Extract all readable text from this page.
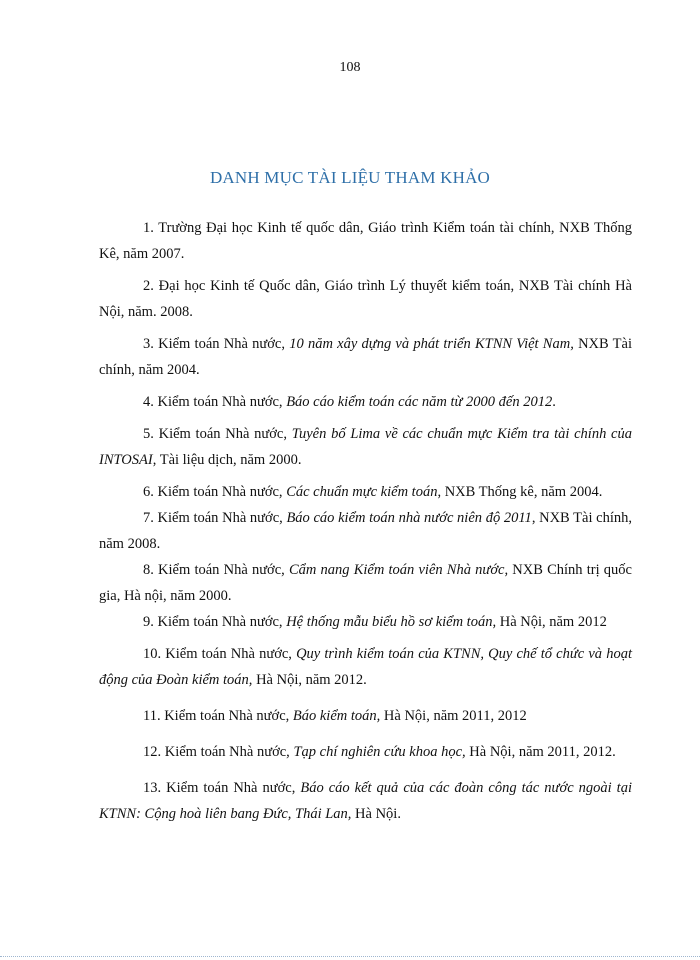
108
DANH MỤC TÀI LIỆU THAM KHẢO

1. Trường Đại học Kinh tế quốc dân, Giáo trình Kiểm toán tài chính, NXB Thống Kê, năm 2007.

2. Đại học Kinh tế Quốc dân, Giáo trình Lý thuyết kiểm toán, NXB Tài chính Hà Nội, năm. 2008.

3. Kiểm toán Nhà nước, 10 năm xây dựng và phát triển KTNN Việt Nam, NXB Tài chính, năm 2004.

4. Kiểm toán Nhà nước, Báo cáo kiểm toán các năm từ 2000 đến 2012.

5. Kiểm toán Nhà nước, Tuyên bố Lima về các chuẩn mực Kiểm tra tài chính của INTOSAI, Tài liệu dịch, năm 2000.

6. Kiểm toán Nhà nước, Các chuẩn mực kiểm toán, NXB Thống kê, năm 2004.

7. Kiểm toán Nhà nước, Báo cáo kiểm toán nhà nước niên độ 2011, NXB Tài chính, năm 2008.

8. Kiểm toán Nhà nước, Cẩm nang Kiểm toán viên Nhà nước, NXB Chính trị quốc gia, Hà nội, năm 2000.

9. Kiểm toán Nhà nước, Hệ thống mẫu biểu hồ sơ kiểm toán, Hà Nội, năm 2012

10. Kiểm toán Nhà nước, Quy trình kiểm toán của KTNN, Quy chế tổ chức và hoạt động của Đoàn kiểm toán, Hà Nội, năm 2012.

11. Kiểm toán Nhà nước, Báo kiểm toán, Hà Nội, năm 2011, 2012

12. Kiểm toán Nhà nước, Tạp chí nghiên cứu khoa học, Hà Nội, năm 2011, 2012.

13. Kiểm toán Nhà nước, Báo cáo kết quả của các đoàn công tác nước ngoài tại KTNN: Cộng hoà liên bang Đức, Thái Lan, Hà Nội.
